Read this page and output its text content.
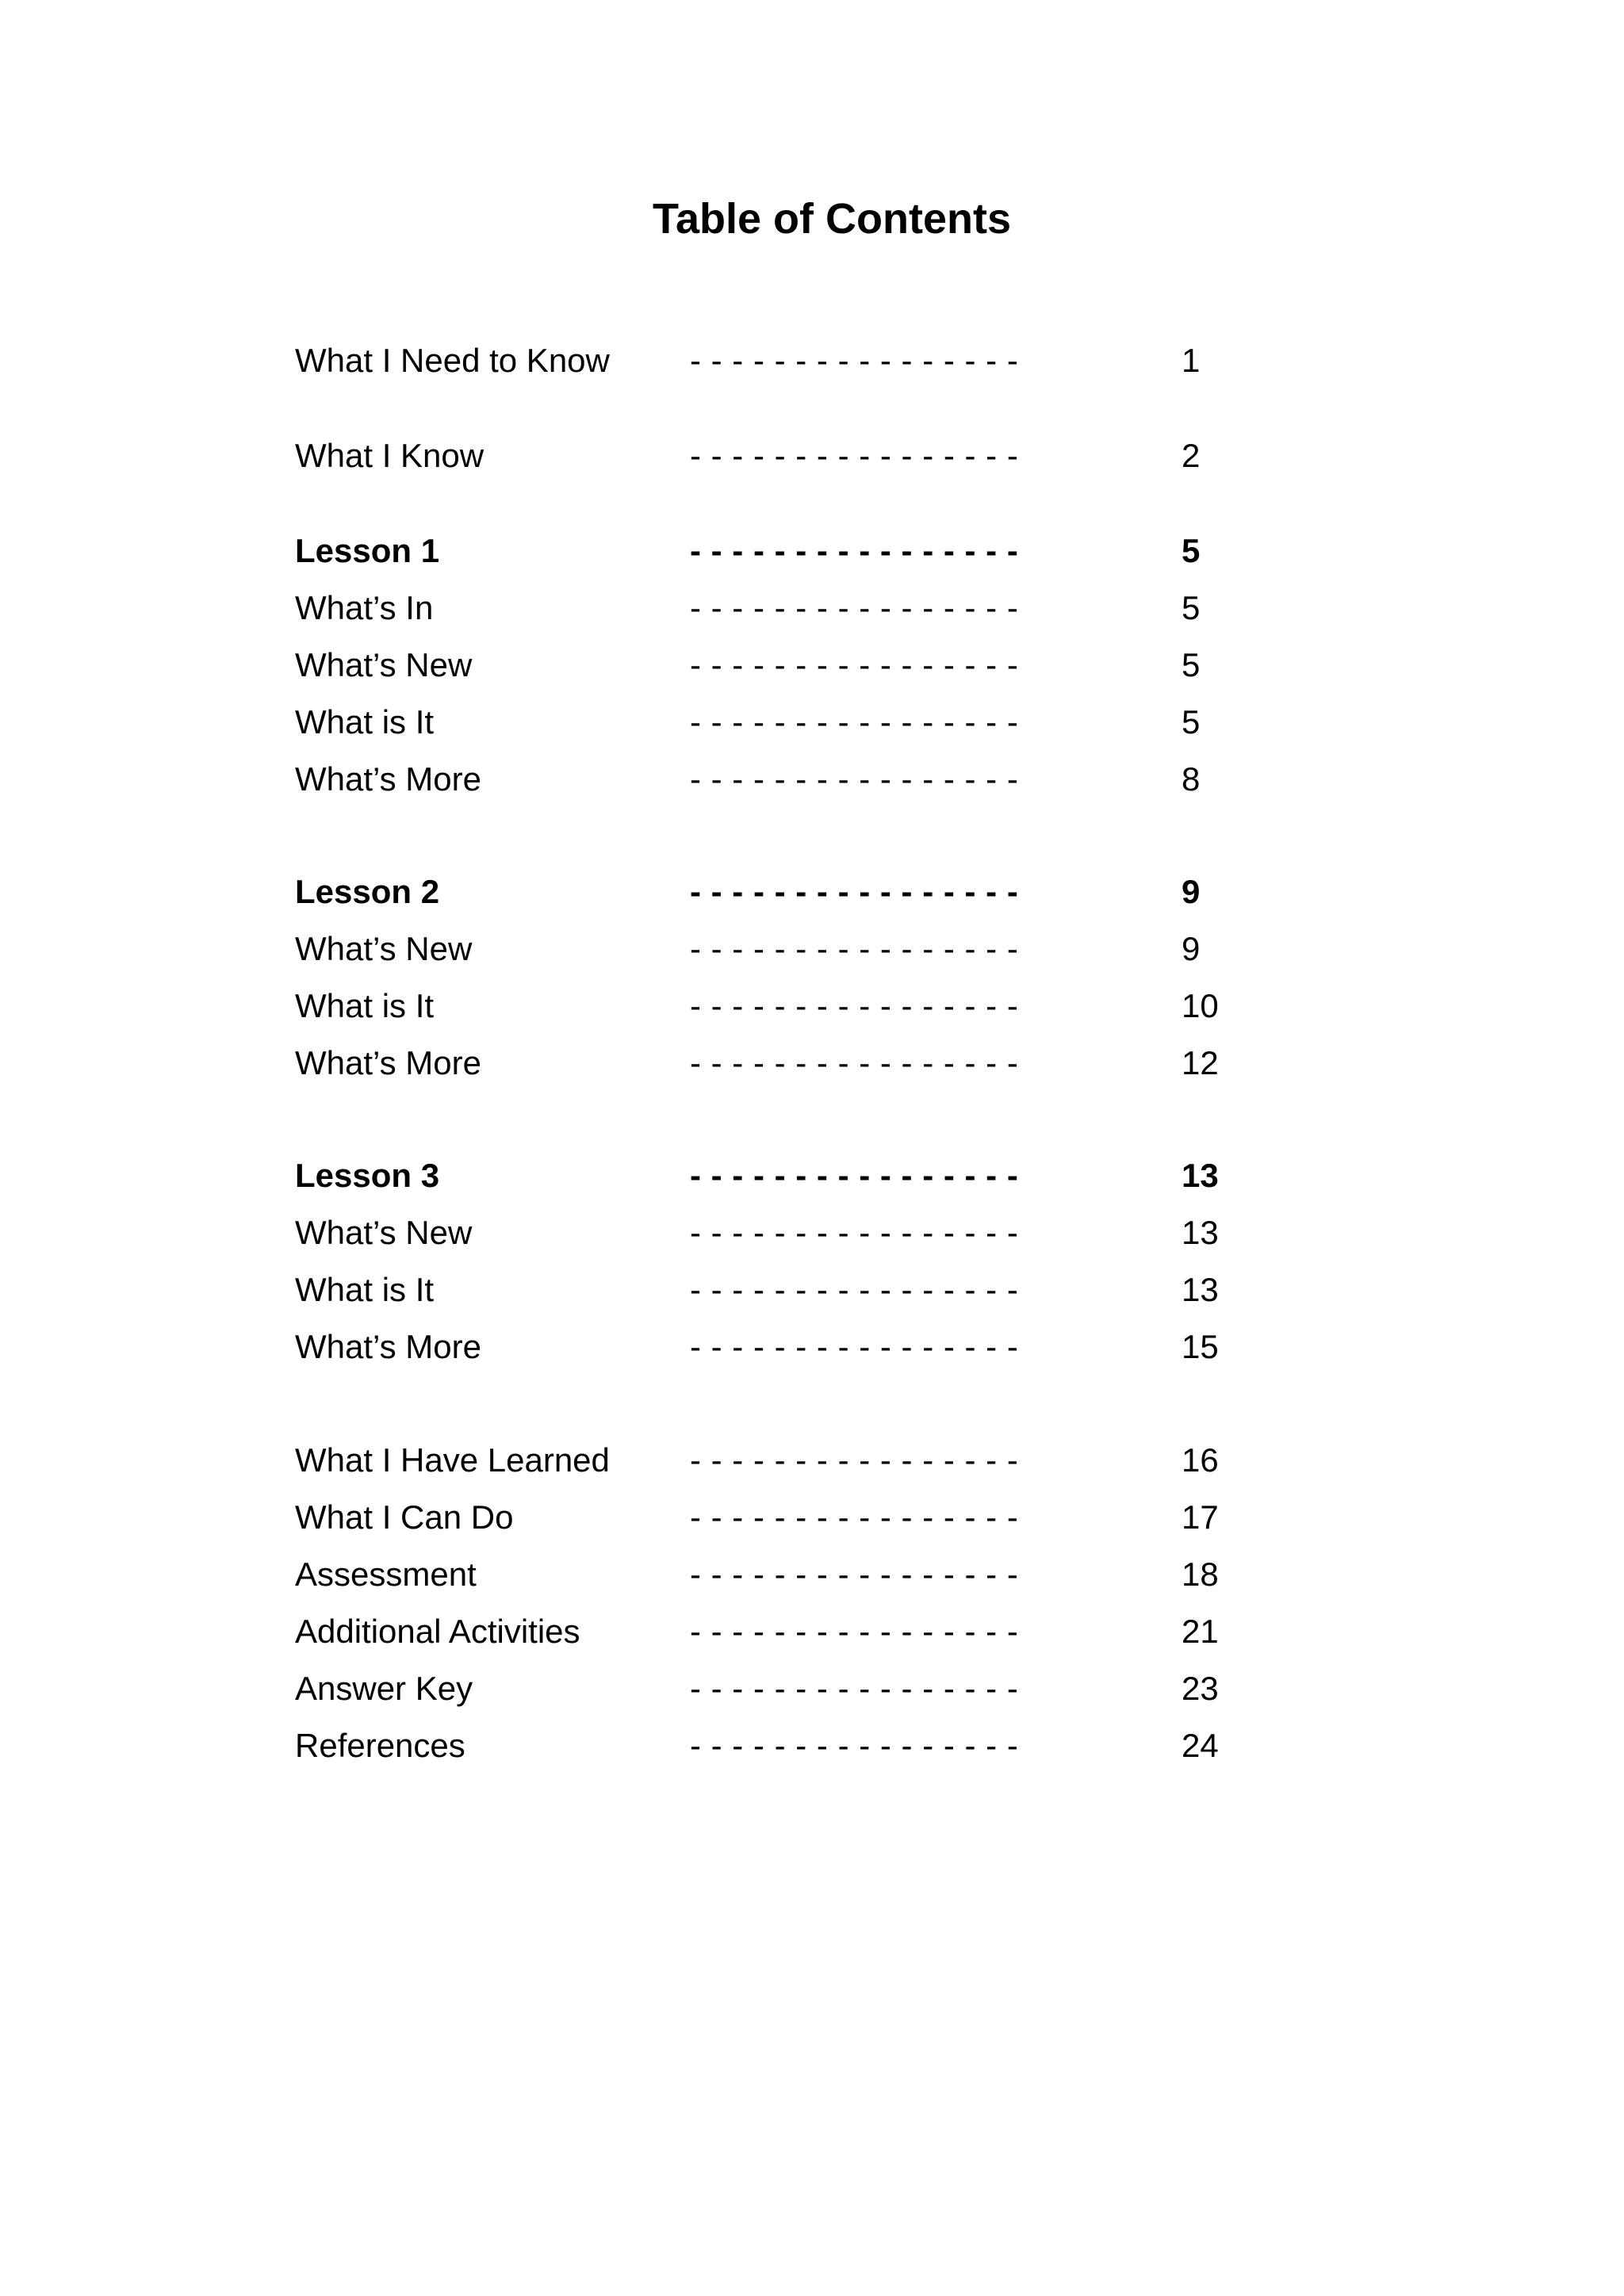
Table of Contents
What I Need to Know - - - - - - - - - - - - - - - -	1
What I Know	- - - - - - - - - - - - - - - -	2
Lesson 1	- - - - - - - - - - - - - - - -	5
What’s In	- - - - - - - - - - - - - - - -	5
What’s New	- - - - - - - - - - - - - - - -	5
What is It	- - - - - - - - - - - - - - - -	5
What’s More	- - - - - - - - - - - - - - - -	8
Lesson 2	- - - - - - - - - - - - - - - -	9
What’s New	- - - - - - - - - - - - - - - -	9
What is It	- - - - - - - - - - - - - - - -	10
What’s More	- - - - - - - - - - - - - - - -	12
Lesson 3	- - - - - - - - - - - - - - - -	13
What’s New	- - - - - - - - - - - - - - - -	13
What is It	- - - - - - - - - - - - - - - -	13
What’s More	- - - - - - - - - - - - - - - -	15
What I Have Learned - - - - - - - - - - - - - - - -	16
What I Can Do	- - - - - - - - - - - - - - - -	17
Assessment	- - - - - - - - - - - - - - - -	18
Additional Activities	- - - - - - - - - - - - - - - -	21
Answer Key	- - - - - - - - - - - - - - - -	23
References	- - - - - - - - - - - - - - - -	24
